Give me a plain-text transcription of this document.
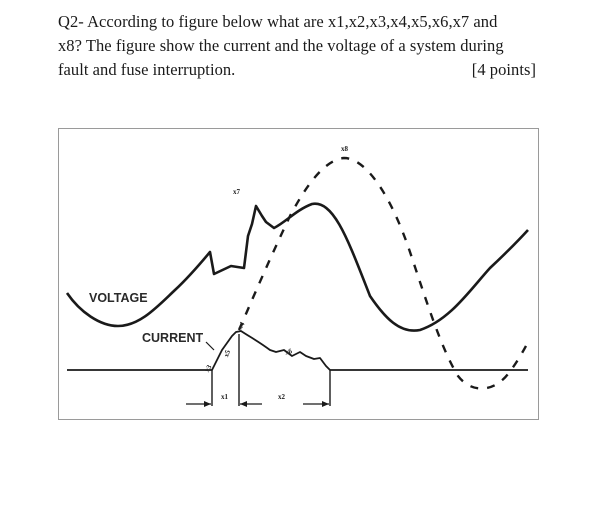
Q2- According to figure below what are x1,x2,x3,x4,x5,x6,x7 and
x8? The figure show the current and the voltage of a system during
fault and fuse interruption.	[4 points]
VOLTAGE
CURRENT
x1	x2
x3
x4
x5	x6
x7
x8
